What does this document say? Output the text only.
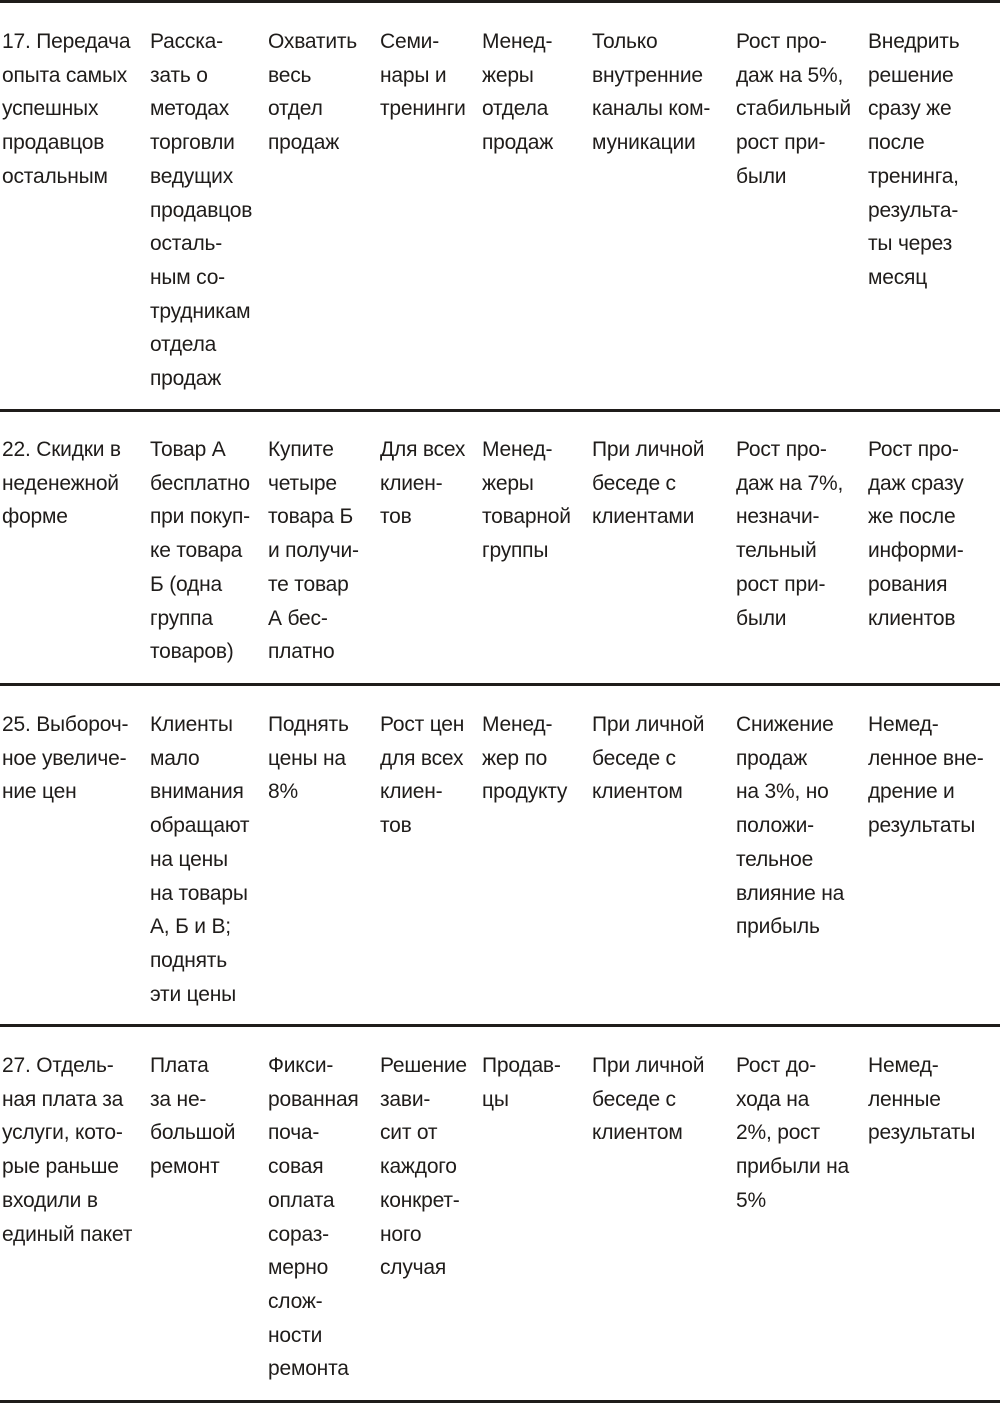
17. Передача
опыта самых
успешных
продавцов
остальным
Расска-
зать о
методах
торговли
ведущих
продавцов
осталь-
ным со-
трудникам
отдела
продаж
Охватить
весь
отдел
продаж
Семи-
нары и
тренинги
Менед-
жеры
отдела
продаж
Только
внутренние
каналы ком-
муникации
Рост про-
даж на 5%,
стабильный
рост при-
были
Внедрить
решение
сразу же
после
тренинга,
результа-
ты через
месяц
22. Скидки в
неденежной
форме
Товар А
бесплатно
при покуп-
ке товара
Б (одна
группа
товаров)
Купите
четыре
товара Б
и получи-
те товар
А бес-
платно
Для всех
клиен-
тов
Менед-
жеры
товарной
группы
При личной
беседе с
клиентами
Рост про-
даж на 7%,
незначи-
тельный
рост при-
были
Рост про-
даж сразу
же после
информи-
рования
клиентов
25. Выбороч-
ное увеличе-
ние цен
Клиенты
мало
внимания
обращают
на цены
на товары
А, Б и В;
поднять
эти цены
Поднять
цены на
8%
Рост цен
для всех
клиен-
тов
Менед-
жер по
продукту
При личной
беседе с
клиентом
Снижение
продаж
на 3%, но
положи-
тельное
влияние на
прибыль
Немед-
ленное вне-
дрение и
результаты
27. Отдель-
ная плата за
услуги, кото-
рые раньше
входили в
единый пакет
Плата
за не-
большой
ремонт
Фикси-
рованная
поча-
совая
оплата
сораз-
мерно
слож-
ности
ремонта
Решение
зави-
сит от
каждого
конкрет-
ного
случая
Продав-
цы
При личной
беседе с
клиентом
Рост до-
хода на
2%, рост
прибыли на
5%
Немед-
ленные
результаты
